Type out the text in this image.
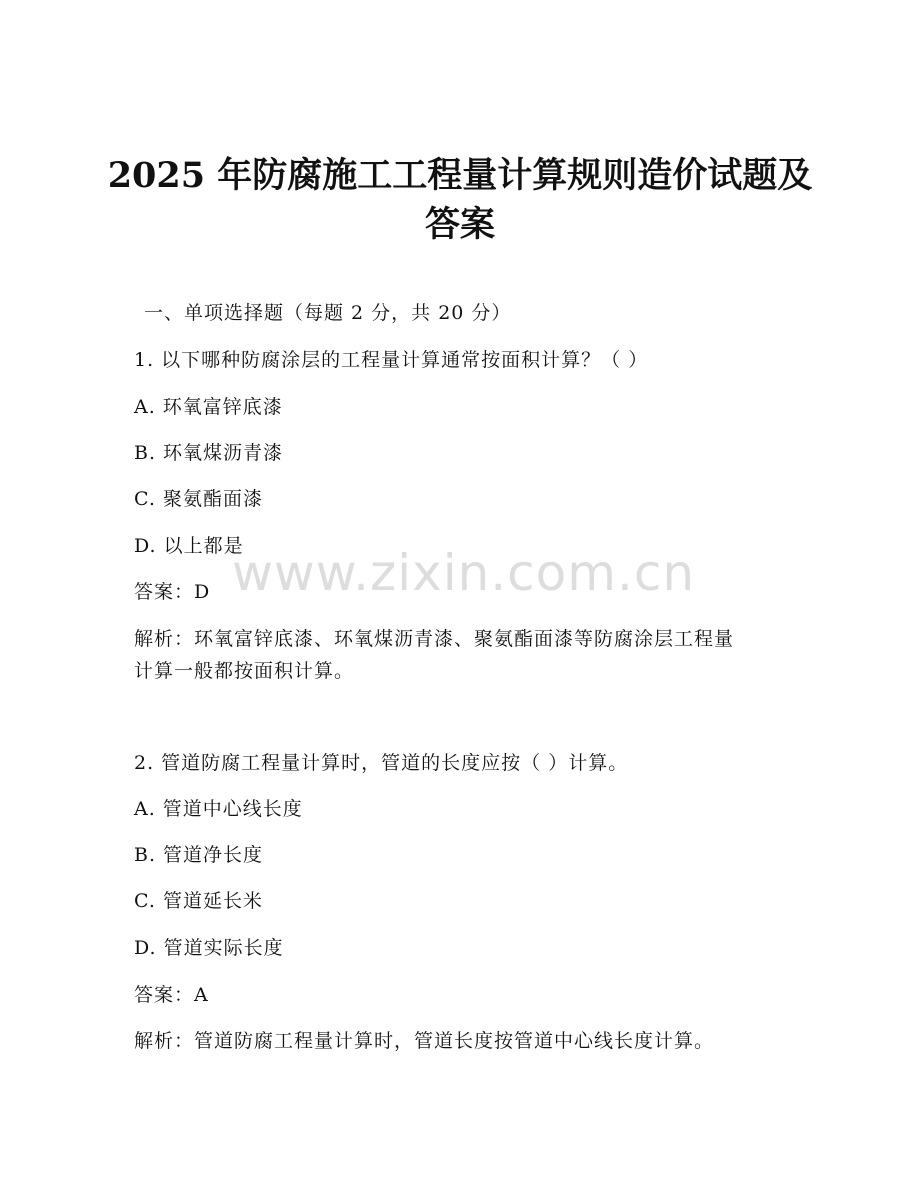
2025 年防腐施工工程量计算规则造价试题及
答案
一、单项选择题（每题 2 分，共 20 分）
1. 以下哪种防腐涂层的工程量计算通常按面积计算？（ ）
A. 环氧富锌底漆
B. 环氧煤沥青漆
C. 聚氨酯面漆
D. 以上都是
答案：D
解析：环氧富锌底漆、环氧煤沥青漆、聚氨酯面漆等防腐涂层工程量
计算一般都按面积计算。
2. 管道防腐工程量计算时，管道的长度应按（ ）计算。
A. 管道中心线长度
B. 管道净长度
C. 管道延长米
D. 管道实际长度
答案：A
解析：管道防腐工程量计算时，管道长度按管道中心线长度计算。
www.zixin.com.cn
